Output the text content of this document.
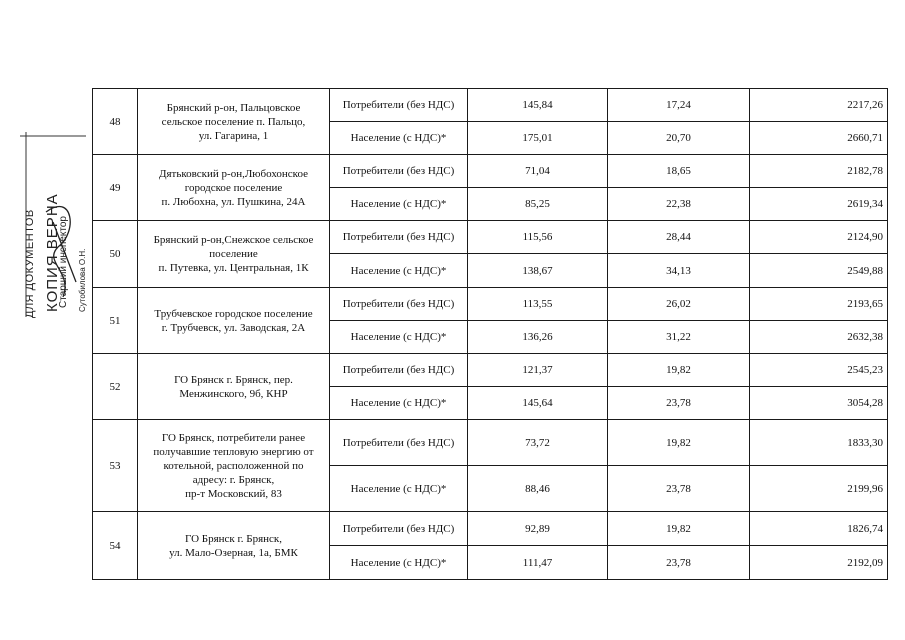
КОПИЯ ВЕРНА
Старший инспектор
ДЛЯ ДОКУМЕНТОВ	Сутобилова О.Н.
48	Брянский р-он, Пальцовское
сельское поселение п. Пальцо,
ул. Гагарина, 1	Потребители (без НДС)	145,84	17,24	2217,26
		Население (с НДС)*	175,01	20,70	2660,71
49	Дятьковский р-он,Любохонское
городское поселение
п. Любохна, ул. Пушкина, 24А	Потребители (без НДС)	71,04	18,65	2182,78
		Население (с НДС)*	85,25	22,38	2619,34
50	Брянский р-он,Снежское сельское
поселение
п. Путевка, ул. Центральная, 1К	Потребители (без НДС)	115,56	28,44	2124,90
		Население (с НДС)*	138,67	34,13	2549,88
51	Трубчевское городское поселение
г. Трубчевск, ул. Заводская, 2А	Потребители (без НДС)	113,55	26,02	2193,65
		Население (с НДС)*	136,26	31,22	2632,38
52	ГО Брянск г. Брянск, пер.
Менжинского, 9б, КНР	Потребители (без НДС)	121,37	19,82	2545,23
		Население (с НДС)*	145,64	23,78	3054,28
53	ГО Брянск, потребители ранее
получавшие тепловую энергию от
котельной, расположенной по
адресу: г. Брянск,
пр-т Московский, 83	Потребители (без НДС)	73,72	19,82	1833,30
		Население (с НДС)*	88,46	23,78	2199,96
54	ГО Брянск г. Брянск,
ул. Мало-Озерная, 1а, БМК	Потребители (без НДС)	92,89	19,82	1826,74
		Население (с НДС)*	111,47	23,78	2192,09
